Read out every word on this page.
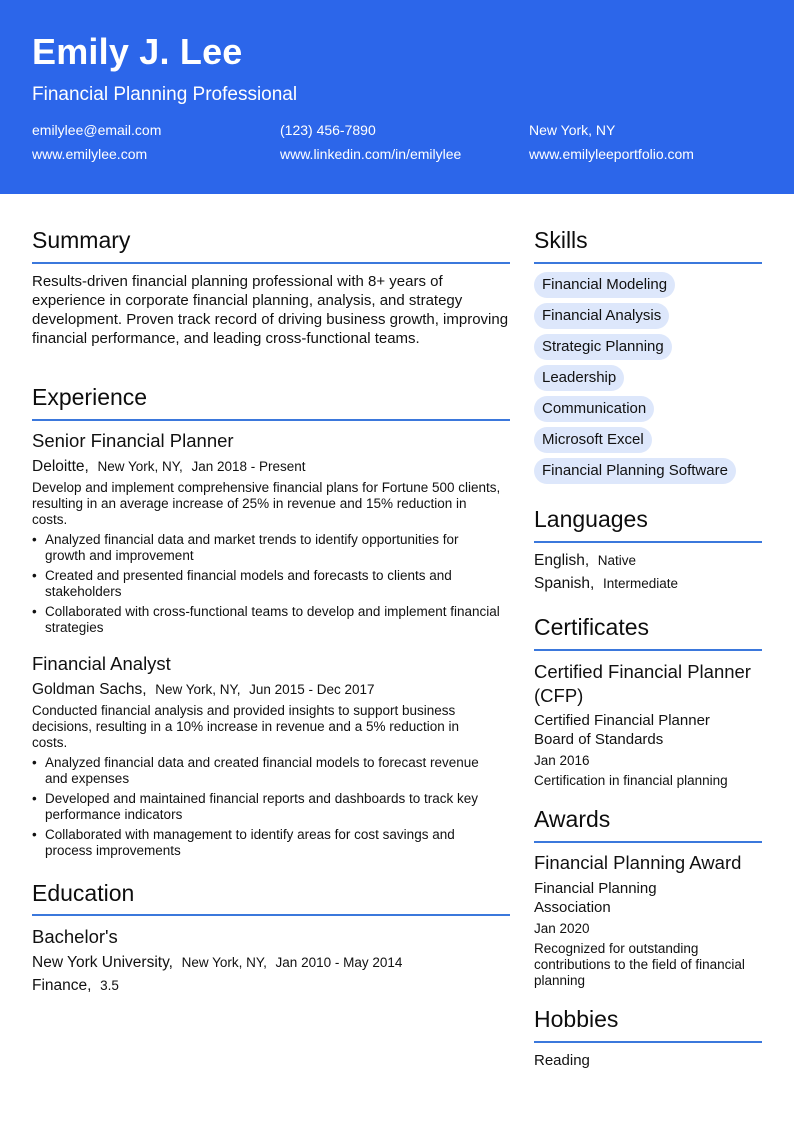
Emily J. Lee
Financial Planning Professional
emilylee@email.com	(123) 456-7890	New York, NY
www.emilylee.com	www.linkedin.com/in/emilylee	www.emilyleeportfolio.com
Summary
Results-driven financial planning professional with 8+ years of experience in corporate financial planning, analysis, and strategy development. Proven track record of driving business growth, improving financial performance, and leading cross-functional teams.
Experience
Senior Financial Planner
Deloitte, New York, NY, Jan 2018 - Present
Develop and implement comprehensive financial plans for Fortune 500 clients, resulting in an average increase of 25% in revenue and 15% reduction in costs.
• Analyzed financial data and market trends to identify opportunities for growth and improvement
• Created and presented financial models and forecasts to clients and stakeholders
• Collaborated with cross-functional teams to develop and implement financial strategies
Financial Analyst
Goldman Sachs, New York, NY, Jun 2015 - Dec 2017
Conducted financial analysis and provided insights to support business decisions, resulting in a 10% increase in revenue and a 5% reduction in costs.
• Analyzed financial data and created financial models to forecast revenue and expenses
• Developed and maintained financial reports and dashboards to track key performance indicators
• Collaborated with management to identify areas for cost savings and process improvements
Education
Bachelor's
New York University, New York, NY, Jan 2010 - May 2014
Finance, 3.5
Skills
Financial Modeling
Financial Analysis
Strategic Planning
Leadership
Communication
Microsoft Excel
Financial Planning Software
Languages
English, Native
Spanish, Intermediate
Certificates
Certified Financial Planner (CFP)
Certified Financial Planner Board of Standards
Jan 2016
Certification in financial planning
Awards
Financial Planning Award
Financial Planning Association
Jan 2020
Recognized for outstanding contributions to the field of financial planning
Hobbies
Reading
